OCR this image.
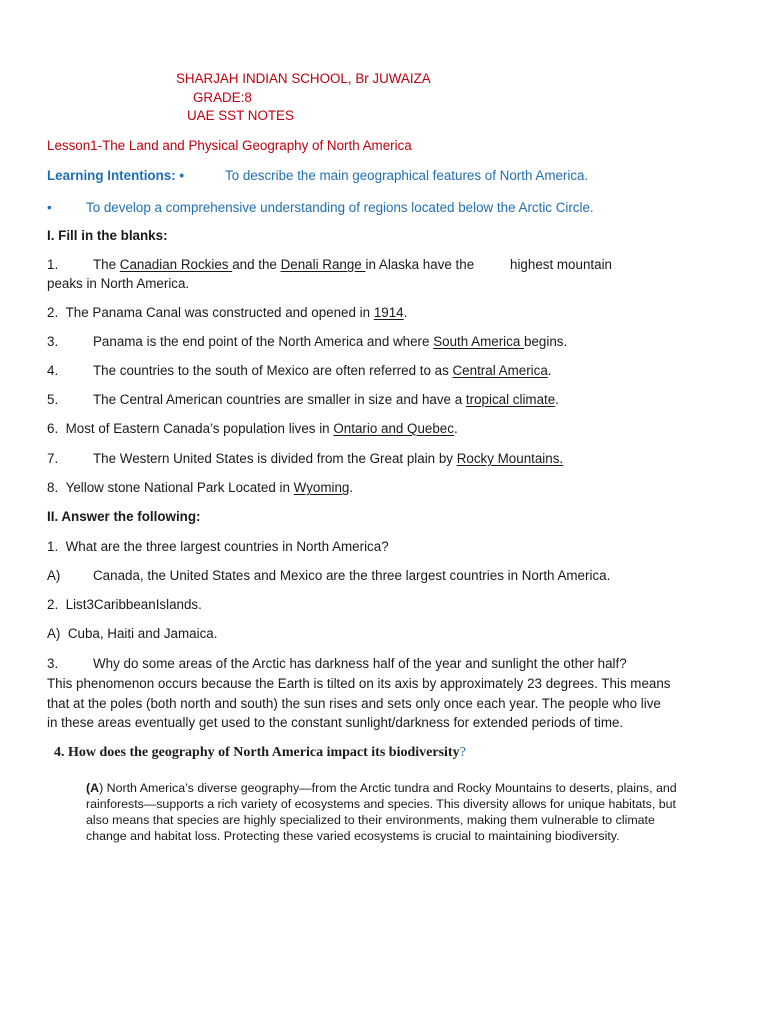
SHARJAH INDIAN SCHOOL, Br JUWAIZA
GRADE:8
UAE SST NOTES
Lesson1-The Land and Physical Geography of North America
Learning Intentions: •	To describe the main geographical features of North America.
•	To develop a comprehensive understanding of regions located below the Arctic Circle.
I. Fill in the blanks:
1.	The Canadian Rockies and the Denali Range in Alaska have the	highest mountain
peaks in North America.
2. The Panama Canal was constructed and opened in 1914.
3.	Panama is the end point of the North America and where South America begins.
4.	The countries to the south of Mexico are often referred to as Central America.
5.	The Central American countries are smaller in size and have a tropical climate.
6. Most of Eastern Canada’s population lives in Ontario and Quebec.
7.	The Western United States is divided from the Great plain by Rocky Mountains.
8. Yellow stone National Park Located in Wyoming.
II. Answer the following:
1. What are the three largest countries in North America?
A) Canada, the United States and Mexico are the three largest countries in North America.
2. List3CaribbeanIslands.
A) Cuba, Haiti and Jamaica.
3.	Why do some areas of the Arctic has darkness half of the year and sunlight the other half?
This phenomenon occurs because the Earth is tilted on its axis by approximately 23 degrees. This means
that at the poles (both north and south) the sun rises and sets only once each year. The people who live
in these areas eventually get used to the constant sunlight/darkness for extended periods of time.
4. How does the geography of North America impact its biodiversity?
(A) North America’s diverse geography—from the Arctic tundra and Rocky Mountains to deserts, plains, and
rainforests—supports a rich variety of ecosystems and species. This diversity allows for unique habitats, but
also means that species are highly specialized to their environments, making them vulnerable to climate
change and habitat loss. Protecting these varied ecosystems is crucial to maintaining biodiversity.
